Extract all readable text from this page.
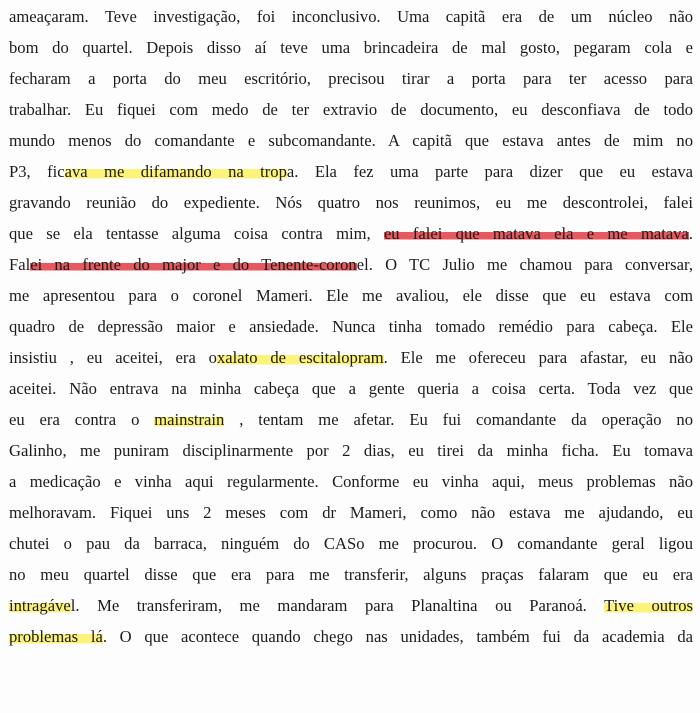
ameaçaram. Teve investigação, foi inconclusivo. Uma capitã era de um núcleo não
bom do quartel. Depois disso aí teve uma brincadeira de mal gosto, pegaram cola e
fecharam a porta do meu escritório, precisou tirar a porta para ter acesso para
trabalhar. Eu fiquei com medo de ter extravio de documento, eu desconfiava de todo
mundo menos do comandante e subcomandante. A capitã que estava antes de mim no
P3, ficava me difamando na tropa. Ela fez uma parte para dizer que eu estava
gravando reunião do expediente. Nós quatro nos reunimos, eu me descontrolei, falei
que se ela tentasse alguma coisa contra mim, eu falei que matava ela e me matava.
Falei na frente do major e do Tenente-coronel. O TC Julio me chamou para conversar,
me apresentou para o coronel Mameri. Ele me avaliou, ele disse que eu estava com
quadro de depressão maior e ansiedade. Nunca tinha tomado remédio para cabeça. Ele
insistiu , eu aceitei, era oxalato de escitalopram. Ele me ofereceu para afastar, eu não
aceitei. Não entrava na minha cabeça que a gente queria a coisa certa. Toda vez que
eu era contra o mainstrain , tentam me afetar. Eu fui comandante da operação no
Galinho, me puniram disciplinarmente por 2 dias, eu tirei da minha ficha. Eu tomava
a medicação e vinha aqui regularmente. Conforme eu vinha aqui, meus problemas não
melhoravam. Fiquei uns 2 meses com dr Mameri, como não estava me ajudando, eu
chutei o pau da barraca, ninguém do CASo me procurou. O comandante geral ligou
no meu quartel disse que era para me transferir, alguns praças falaram que eu era
intragável. Me transferiram, me mandaram para Planaltina ou Paranoá. Tive outros
problemas lá. O que acontece quando chego nas unidades, também fui da academia da
